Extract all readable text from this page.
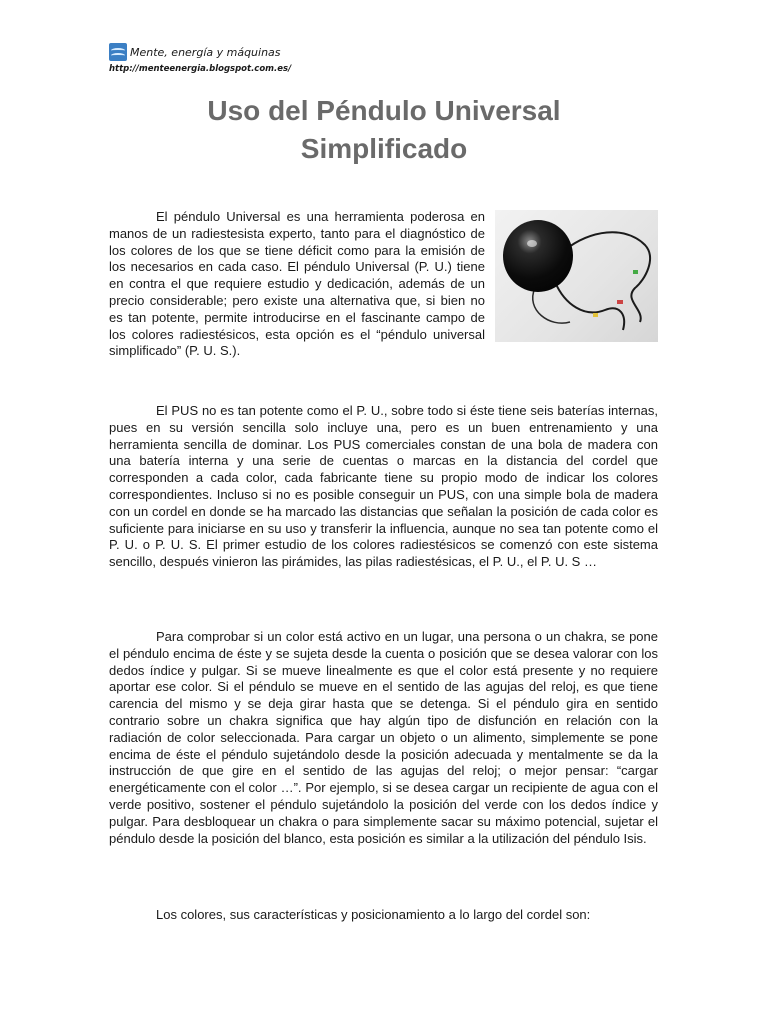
Mente, energía y máquinas
http://menteenergia.blogspot.com.es/
Uso del Péndulo Universal
Simplificado
El péndulo Universal es una herramienta poderosa en manos de un radiestesista experto, tanto para el diagnóstico de los colores de los que se tiene déficit como para la emisión de los necesarios en cada caso. El péndulo Universal (P. U.) tiene en contra el que requiere estudio y dedicación, además de un precio considerable; pero existe una alternativa que, si bien no es tan potente, permite introducirse en el fascinante campo de los colores radiestésicos, esta opción es el “péndulo universal simplificado” (P. U. S.).
El PUS no es tan potente como el P. U., sobre todo si éste tiene seis baterías internas, pues en su versión sencilla solo incluye una, pero es un buen entrenamiento y una herramienta sencilla de dominar. Los PUS comerciales constan de una bola de madera con una batería interna y una serie de cuentas o marcas en la distancia del cordel que corresponden a cada color, cada fabricante tiene su propio modo de indicar los colores correspondientes. Incluso si no es posible conseguir un PUS, con una simple bola de madera con un cordel en donde se ha marcado las distancias que señalan la posición de cada color es suficiente para iniciarse en su uso y transferir la influencia, aunque no sea tan potente como el P. U. o P. U. S. El primer estudio de los colores radiestésicos se comenzó con este sistema sencillo, después vinieron las pirámides, las pilas radiestésicas, el P. U., el P. U. S …
Para comprobar si un color está activo en un lugar, una persona o un chakra, se pone el péndulo encima de éste y se sujeta desde la cuenta o posición que se desea valorar con los dedos índice y pulgar. Si se mueve linealmente es que el color está presente y no requiere aportar ese color. Si el péndulo se mueve en el sentido de las agujas del reloj, es que tiene carencia del mismo y se deja girar hasta que se detenga. Si el péndulo gira en sentido contrario sobre un chakra significa que hay algún tipo de disfunción en relación con la radiación de color seleccionada. Para cargar un objeto o un alimento, simplemente se pone encima de éste el péndulo sujetándolo desde la posición adecuada y mentalmente se da la instrucción de que gire en el sentido de las agujas del reloj; o mejor pensar: “cargar energéticamente con el color …”. Por ejemplo, si se desea cargar un recipiente de agua con el verde positivo, sostener el péndulo sujetándolo la posición del verde con los dedos índice y pulgar. Para desbloquear un chakra o para simplemente sacar su máximo potencial, sujetar el péndulo desde la posición del blanco, esta posición es similar a la utilización del péndulo Isis.
Los colores, sus características y posicionamiento a lo largo del cordel son:
